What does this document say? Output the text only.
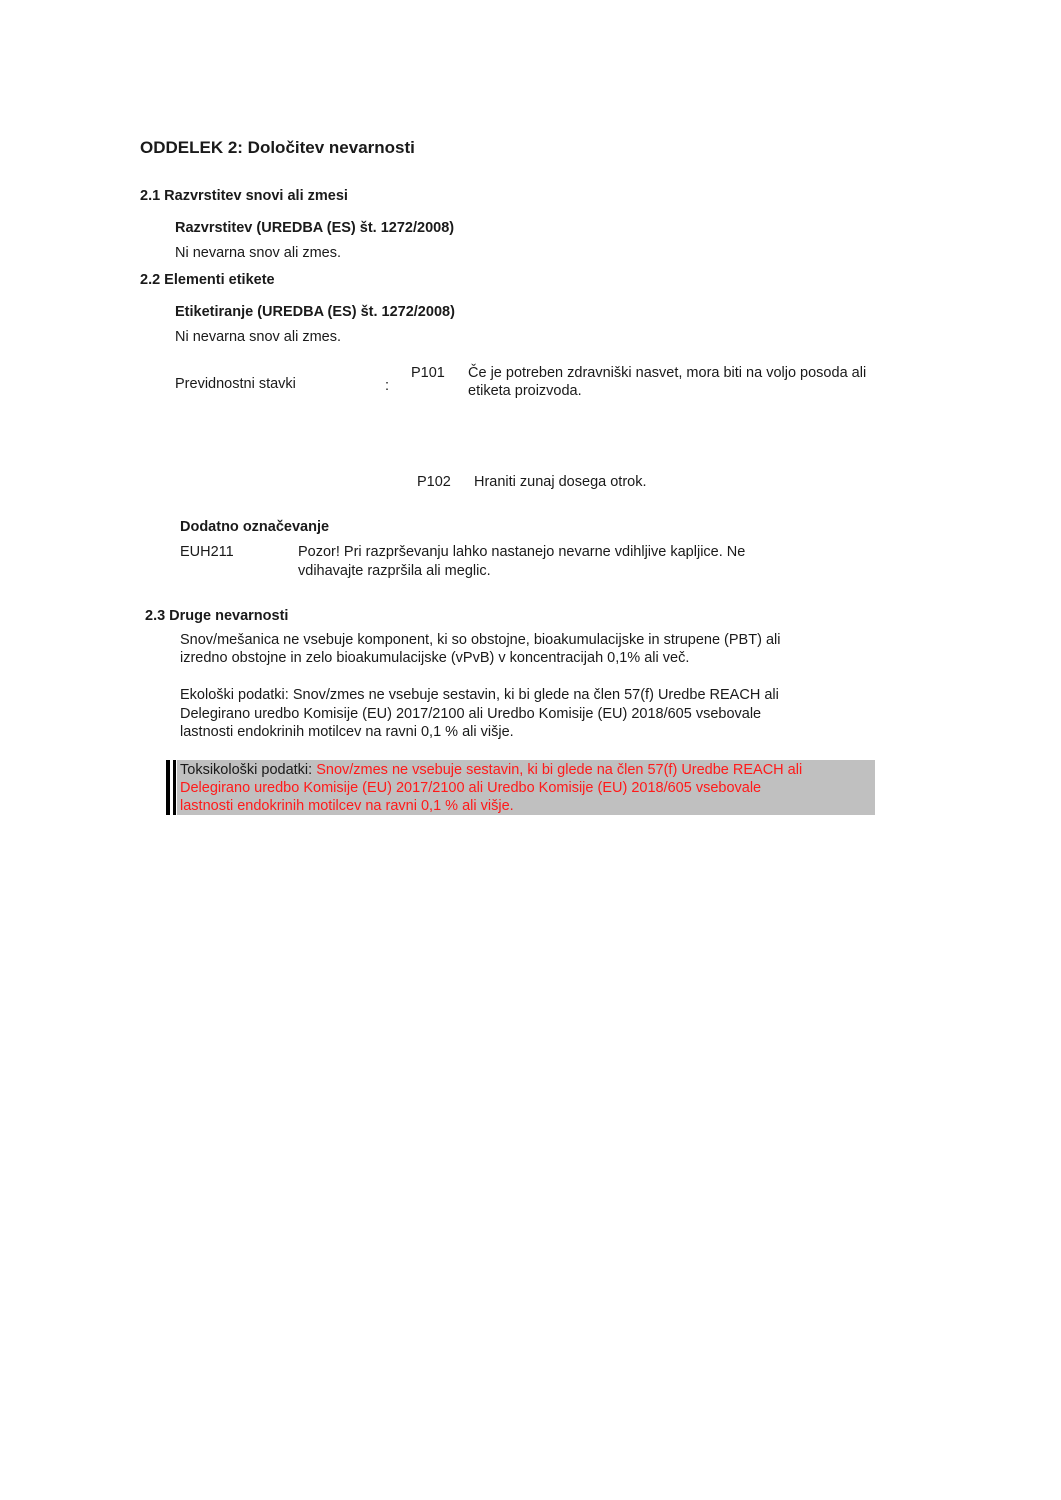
ODDELEK 2: Določitev nevarnosti
2.1 Razvrstitev snovi ali zmesi
Razvrstitev (UREDBA (ES) št. 1272/2008)
Ni nevarna snov ali zmes.
2.2 Elementi etikete
Etiketiranje (UREDBA (ES) št. 1272/2008)
Ni nevarna snov ali zmes.
Previdnostni stavki	:
P101 Če je potreben zdravniški nasvet, mora biti na voljo posoda ali etiketa proizvoda.
P102 Hraniti zunaj dosega otrok.
Dodatno označevanje
EUH211	Pozor! Pri razprševanju lahko nastanejo nevarne vdihljive kapljice. Ne
vdihavajte razpršila ali meglic.
2.3 Druge nevarnosti
Snov/mešanica ne vsebuje komponent, ki so obstojne, bioakumulacijske in strupene (PBT) ali
izredno obstojne in zelo bioakumulacijske (vPvB) v koncentracijah 0,1% ali več.
Ekološki podatki: Snov/zmes ne vsebuje sestavin, ki bi glede na člen 57(f) Uredbe REACH ali
Delegirano uredbo Komisije (EU) 2017/2100 ali Uredbo Komisije (EU) 2018/605 vsebovale
lastnosti endokrinih motilcev na ravni 0,1 % ali višje.
Toksikološki podatki: Snov/zmes ne vsebuje sestavin, ki bi glede na člen 57(f) Uredbe REACH ali
Delegirano uredbo Komisije (EU) 2017/2100 ali Uredbo Komisije (EU) 2018/605 vsebovale
lastnosti endokrinih motilcev na ravni 0,1 % ali višje.
